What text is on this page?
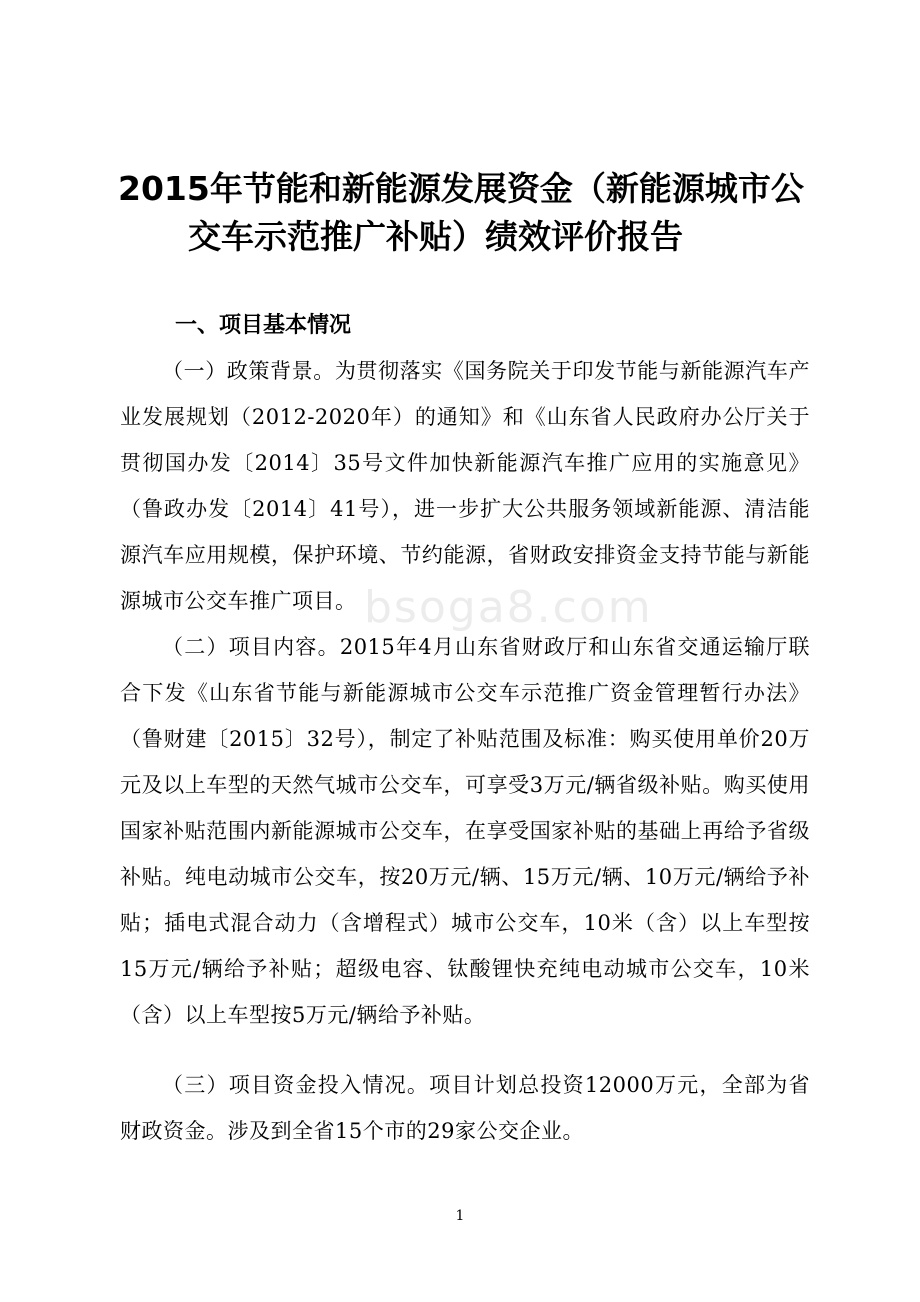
2015年节能和新能源发展资金（新能源城市公
交车示范推广补贴）绩效评价报告
一、项目基本情况
（一）政策背景。为贯彻落实《国务院关于印发节能与新能源汽车产业发展规划（2012-2020年）的通知》和《山东省人民政府办公厅关于贯彻国办发〔2014〕35号文件加快新能源汽车推广应用的实施意见》（鲁政办发〔2014〕41号），进一步扩大公共服务领域新能源、清洁能源汽车应用规模，保护环境、节约能源，省财政安排资金支持节能与新能源城市公交车推广项目。 bsoga8.com
（二）项目内容。2015年4月山东省财政厅和山东省交通运输厅联合下发《山东省节能与新能源城市公交车示范推广资金管理暂行办法》（鲁财建〔2015〕32号），制定了补贴范围及标准：购买使用单价20万元及以上车型的天然气城市公交车，可享受3万元/辆省级补贴。购买使用国家补贴范围内新能源城市公交车，在享受国家补贴的基础上再给予省级补贴。纯电动城市公交车，按20万元/辆、15万元/辆、10万元/辆给予补贴；插电式混合动力（含增程式）城市公交车，10米（含）以上车型按15万元/辆给予补贴；超级电容、钛酸锂快充纯电动城市公交车，10米（含）以上车型按5万元/辆给予补贴。
（三）项目资金投入情况。项目计划总投资12000万元，全部为省财政资金。涉及到全省15个市的29家公交企业。
1
